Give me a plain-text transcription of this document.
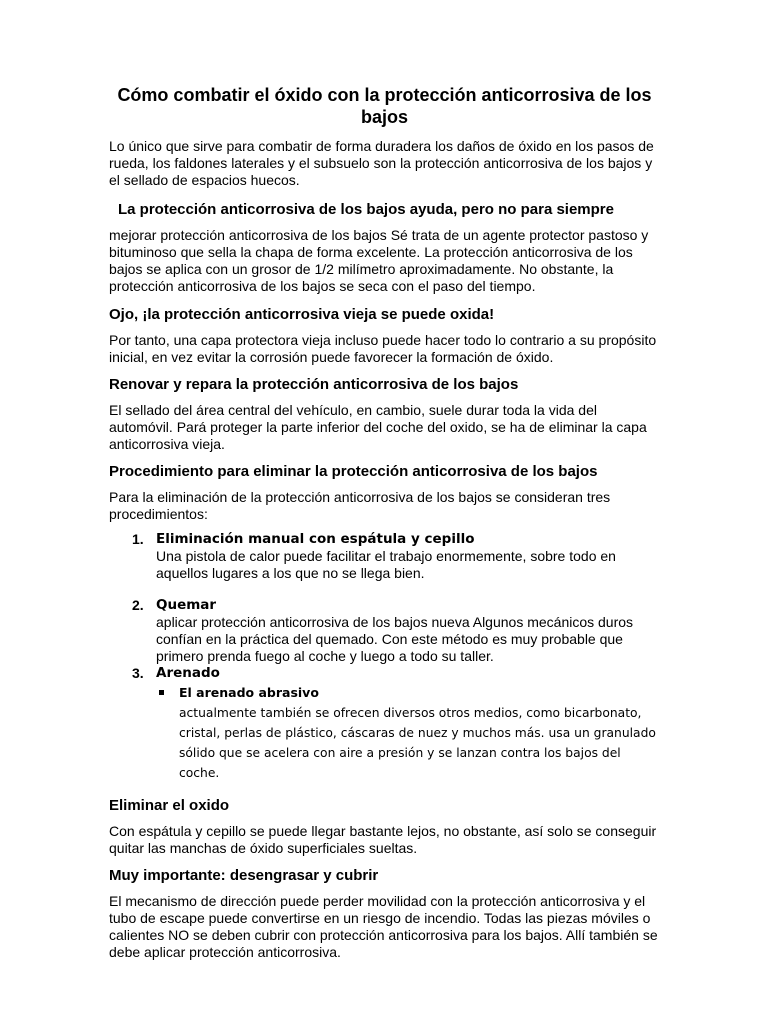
Cómo combatir el óxido con la protección anticorrosiva de los bajos

Lo único que sirve para combatir de forma duradera los daños de óxido en los pasos de rueda, los faldones laterales y el subsuelo son la protección anticorrosiva de los bajos y el sellado de espacios huecos.

La protección anticorrosiva de los bajos ayuda, pero no para siempre

mejorar protección anticorrosiva de los bajos Sé trata de un agente protector pastoso y bituminoso que sella la chapa de forma excelente. La protección anticorrosiva de los bajos se aplica con un grosor de 1/2 milímetro aproximadamente. No obstante, la protección anticorrosiva de los bajos se seca con el paso del tiempo.

Ojo, ¡la protección anticorrosiva vieja se puede oxida!

Por tanto, una capa protectora vieja incluso puede hacer todo lo contrario a su propósito inicial, en vez evitar la corrosión puede favorecer la formación de óxido.

Renovar y repara la protección anticorrosiva de los bajos

El sellado del área central del vehículo, en cambio, suele durar toda la vida del automóvil. Pará proteger la parte inferior del coche del oxido, se ha de eliminar la capa anticorrosiva vieja.

Procedimiento para eliminar la protección anticorrosiva de los bajos

Para la eliminación de la protección anticorrosiva de los bajos se consideran tres procedimientos:

1. Eliminación manual con espátula y cepillo
Una pistola de calor puede facilitar el trabajo enormemente, sobre todo en aquellos lugares a los que no se llega bien.
2. Quemar
aplicar protección anticorrosiva de los bajos nueva Algunos mecánicos duros confían en la práctica del quemado. Con este método es muy probable que primero prenda fuego al coche y luego a todo su taller.
3. Arenado
El arenado abrasivo
actualmente también se ofrecen diversos otros medios, como bicarbonato, cristal, perlas de plástico, cáscaras de nuez y muchos más. usa un granulado sólido que se acelera con aire a presión y se lanzan contra los bajos del coche.
Eliminar el oxido

Con espátula y cepillo se puede llegar bastante lejos, no obstante, así solo se conseguir quitar las manchas de óxido superficiales sueltas.

Muy importante: desengrasar y cubrir

El mecanismo de dirección puede perder movilidad con la protección anticorrosiva y el tubo de escape puede convertirse en un riesgo de incendio. Todas las piezas móviles o calientes NO se deben cubrir con protección anticorrosiva para los bajos. Allí también se debe aplicar protección anticorrosiva.
